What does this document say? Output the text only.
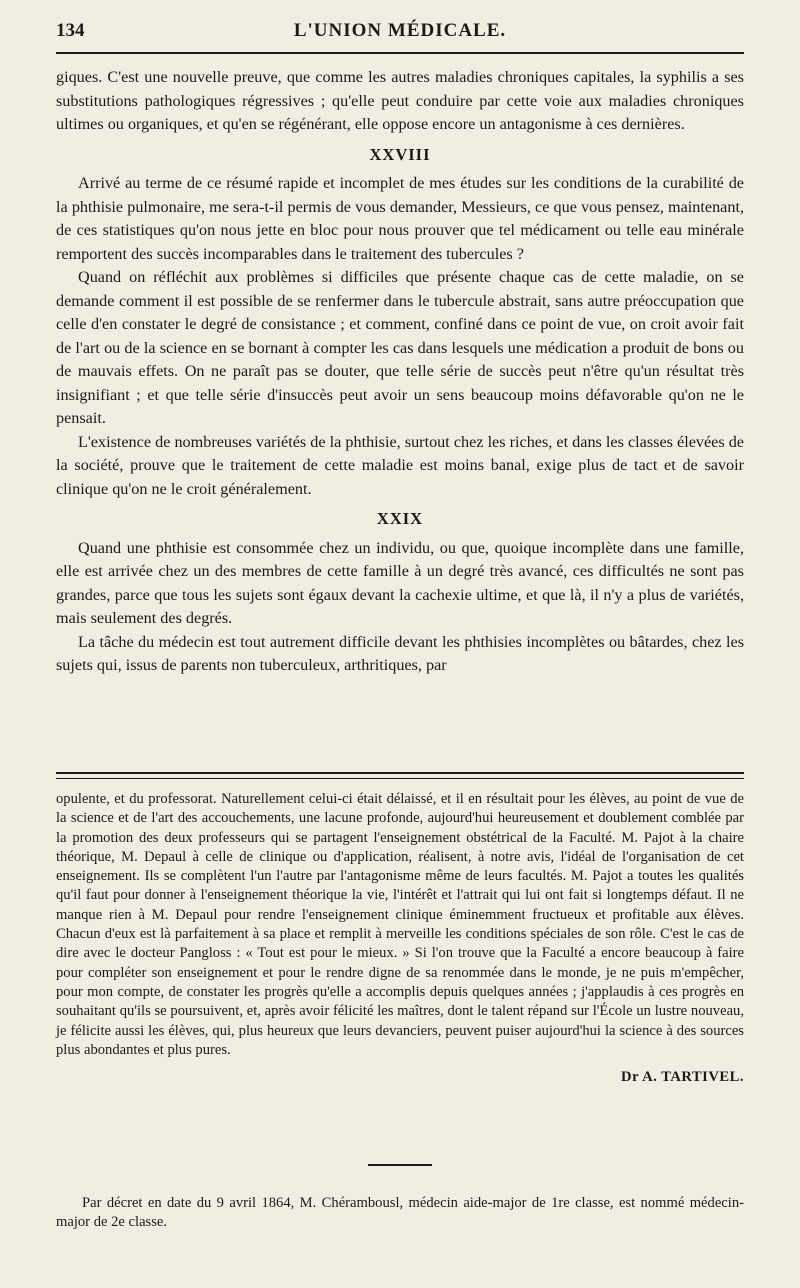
134	L'UNION MÉDICALE.

giques. C'est une nouvelle preuve, que comme les autres maladies chroniques capitales, la syphilis a ses substitutions pathologiques régressives ; qu'elle peut conduire par cette voie aux maladies chroniques ultimes ou organiques, et qu'en se régénérant, elle oppose encore un antagonisme à ces dernières.

XXVIII

Arrivé au terme de ce résumé rapide et incomplet de mes études sur les conditions de la curabilité de la phthisie pulmonaire, me sera-t-il permis de vous demander, Messieurs, ce que vous pensez, maintenant, de ces statistiques qu'on nous jette en bloc pour nous prouver que tel médicament ou telle eau minérale remportent des succès incomparables dans le traitement des tubercules ?

Quand on réfléchit aux problèmes si difficiles que présente chaque cas de cette maladie, on se demande comment il est possible de se renfermer dans le tubercule abstrait, sans autre préoccupation que celle d'en constater le degré de consistance ; et comment, confiné dans ce point de vue, on croit avoir fait de l'art ou de la science en se bornant à compter les cas dans lesquels une médication a produit de bons ou de mauvais effets. On ne paraît pas se douter, que telle série de succès peut n'être qu'un résultat très insignifiant ; et que telle série d'insuccès peut avoir un sens beaucoup moins défavorable qu'on ne le pensait.

L'existence de nombreuses variétés de la phthisie, surtout chez les riches, et dans les classes élevées de la société, prouve que le traitement de cette maladie est moins banal, exige plus de tact et de savoir clinique qu'on ne le croit généralement.

XXIX

Quand une phthisie est consommée chez un individu, ou que, quoique incomplète dans une famille, elle est arrivée chez un des membres de cette famille à un degré très avancé, ces difficultés ne sont pas grandes, parce que tous les sujets sont égaux devant la cachexie ultime, et que là, il n'y a plus de variétés, mais seulement des degrés.

La tâche du médecin est tout autrement difficile devant les phthisies incomplètes ou bâtardes, chez les sujets qui, issus de parents non tuberculeux, arthritiques, par

opulente, et du professorat. Naturellement celui-ci était délaissé, et il en résultait pour les élèves, au point de vue de la science et de l'art des accouchements, une lacune profonde, aujourd'hui heureusement et doublement comblée par la promotion des deux professeurs qui se partagent l'enseignement obstétrical de la Faculté. M. Pajot à la chaire théorique, M. Depaul à celle de clinique ou d'application, réalisent, à notre avis, l'idéal de l'organisation de cet enseignement. Ils se complètent l'un l'autre par l'antagonisme même de leurs facultés. M. Pajot a toutes les qualités qu'il faut pour donner à l'enseignement théorique la vie, l'intérêt et l'attrait qui lui ont fait si longtemps défaut. Il ne manque rien à M. Depaul pour rendre l'enseignement clinique éminemment fructueux et profitable aux élèves. Chacun d'eux est là parfaitement à sa place et remplit à merveille les conditions spéciales de son rôle. C'est le cas de dire avec le docteur Pangloss : « Tout est pour le mieux. » Si l'on trouve que la Faculté a encore beaucoup à faire pour compléter son enseignement et pour le rendre digne de sa renommée dans le monde, je ne puis m'empêcher, pour mon compte, de constater les progrès qu'elle a accomplis depuis quelques années ; j'applaudis à ces progrès en souhaitant qu'ils se poursuivent, et, après avoir félicité les maîtres, dont le talent répand sur l'École un lustre nouveau, je félicite aussi les élèves, qui, plus heureux que leurs devanciers, peuvent puiser aujourd'hui la science à des sources plus abondantes et plus pures.

Dr A. TARTIVEL.

Par décret en date du 9 avril 1864, M. Chérambousl, médecin aide-major de 1re classe, est nommé médecin-major de 2e classe.
